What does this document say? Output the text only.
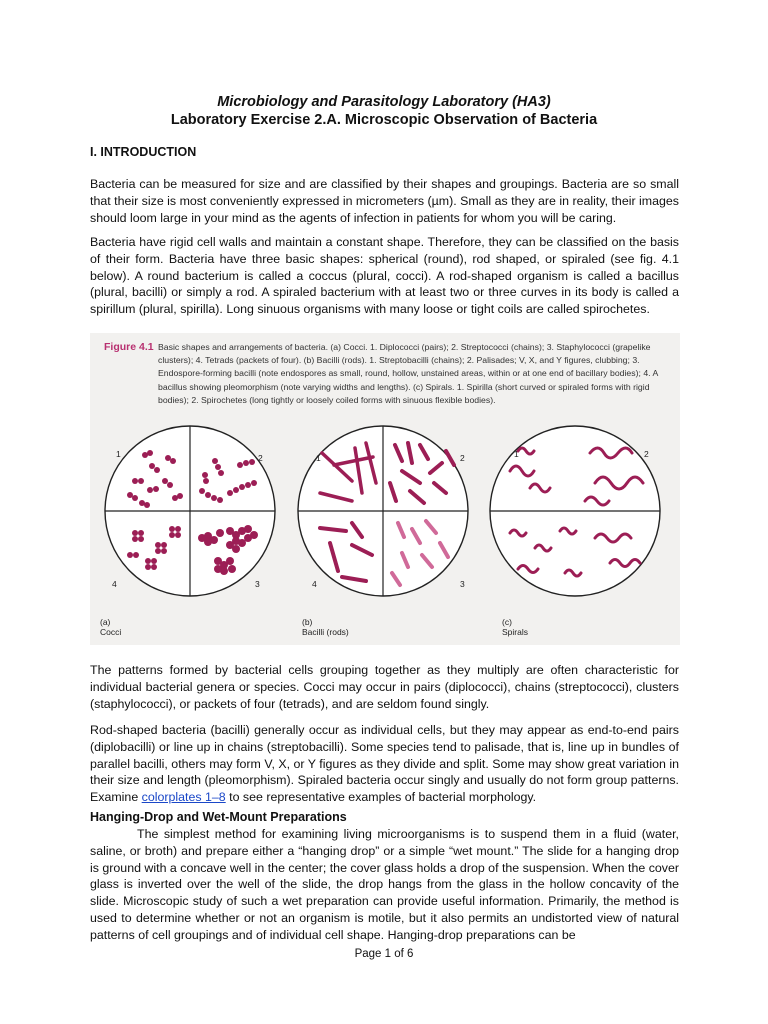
Microbiology and Parasitology Laboratory (HA3)
Laboratory Exercise 2.A. Microscopic Observation of Bacteria
I. INTRODUCTION

Bacteria can be measured for size and are classified by their shapes and groupings. Bacteria are so small that their size is most conveniently expressed in micrometers (µm). Small as they are in reality, their images should loom large in your mind as the agents of infection in patients for whom you will be caring.

Bacteria have rigid cell walls and maintain a constant shape. Therefore, they can be classified on the basis of their form. Bacteria have three basic shapes: spherical (round), rod shaped, or spiraled (see fig. 4.1 below). A round bacterium is called a coccus (plural, cocci). A rod-shaped organism is called a bacillus (plural, bacilli) or simply a rod. A spiraled bacterium with at least two or three curves in its body is called a spirillum (plural, spirilla). Long sinuous organisms with many loose or tight coils are called spirochetes.

Figure 4.1 Basic shapes and arrangements of bacteria. (a) Cocci. 1. Diplococci (pairs); 2. Streptococci (chains); 3. Staphylococci (grapelike clusters); 4. Tetrads (packets of four). (b) Bacilli (rods). 1. Streptobacilli (chains); 2. Palisades; V, X, and Y figures, clubbing; 3. Endospore-forming bacilli (note endospores as small, round, hollow, unstained areas, within or at one end of bacillary bodies); 4. A bacillus showing pleomorphism (note varying widths and lengths). (c) Spirals. 1. Spirilla (short curved or spiraled forms with rigid bodies); 2. Spirochetes (long tightly or loosely coiled forms with sinuous flexible bodies).
1	2
3
4
1	2
3
4
1	2
(a)
Cocci
(b)
Bacilli (rods)
(c)
Spirals

The patterns formed by bacterial cells grouping together as they multiply are often characteristic for individual bacterial genera or species. Cocci may occur in pairs (diplococci), chains (streptococci), clusters (staphylococci), or packets of four (tetrads), and are seldom found singly.

Rod-shaped bacteria (bacilli) generally occur as individual cells, but they may appear as end-to-end pairs (diplobacilli) or line up in chains (streptobacilli). Some species tend to palisade, that is, line up in bundles of parallel bacilli, others may form V, X, or Y figures as they divide and split. Some may show great variation in their size and length (pleomorphism). Spiraled bacteria occur singly and usually do not form group patterns. Examine colorplates 1–8 to see representative examples of bacterial morphology.

Hanging-Drop and Wet-Mount Preparations

The simplest method for examining living microorganisms is to suspend them in a fluid (water, saline, or broth) and prepare either a “hanging drop” or a simple “wet mount.” The slide for a hanging drop is ground with a concave well in the center; the cover glass holds a drop of the suspension. When the cover glass is inverted over the well of the slide, the drop hangs from the glass in the hollow concavity of the slide. Microscopic study of such a wet preparation can provide useful information. Primarily, the method is used to determine whether or not an organism is motile, but it also permits an undistorted view of natural patterns of cell groupings and of individual cell shape. Hanging-drop preparations can be

Page 1 of 6
